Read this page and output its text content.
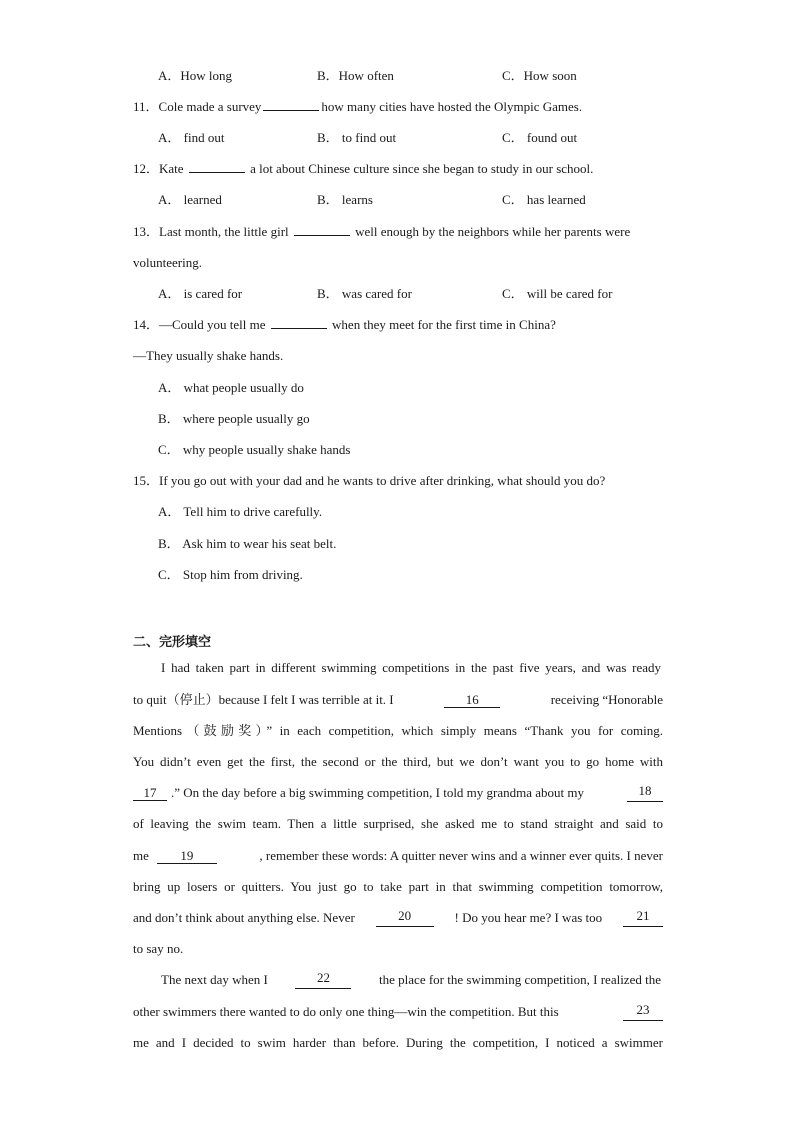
A．How long	B．How often	C．How soon
11．Cole made a survey	how many cities have hosted the Olympic Games.
A． find out	B． to find out	C． found out
12．Kate	a lot about Chinese culture since she began to study in our school.
A． learned	B． learns	C． has learned
13．Last month, the little girl	well enough by the neighbors while her parents were
volunteering.
A． is cared for	B． was cared for	C． will be cared for
14．—Could you tell me	when they meet for the first time in China?
—They usually shake hands.
A． what people usually do
B． where people usually go
C． why people usually shake hands
15．If you go out with your dad and he wants to drive after drinking, what should you do?
A． Tell him to drive carefully.
B． Ask him to wear his seat belt.
C． Stop him from driving.
二、完形填空
I had taken part in different swimming competitions in the past five years, and was ready
to quit（停止）because I felt I was terrible at it. I	16	receiving “Honorable
Mentions（鼓励奖）” in each competition, which simply means “Thank you for coming.
You didn’t even get the first, the second or the third, but we don’t want you to go home with
17 .” On the day before a big swimming competition, I told my grandma about my	18
of leaving the swim team. Then a little surprised, she asked me to stand straight and said to
me 19	, remember these words: A quitter never wins and a winner ever quits. I never
bring up losers or quitters. You just go to take part in that swimming competition tomorrow,
and don’t think about anything else. Never	20	! Do you hear me? I was too	21
to say no.
The next day when I	22	the place for the swimming competition, I realized the
other swimmers there wanted to do only one thing—win the competition. But this	23
me and I decided to swim harder than before. During the competition, I noticed a swimmer
